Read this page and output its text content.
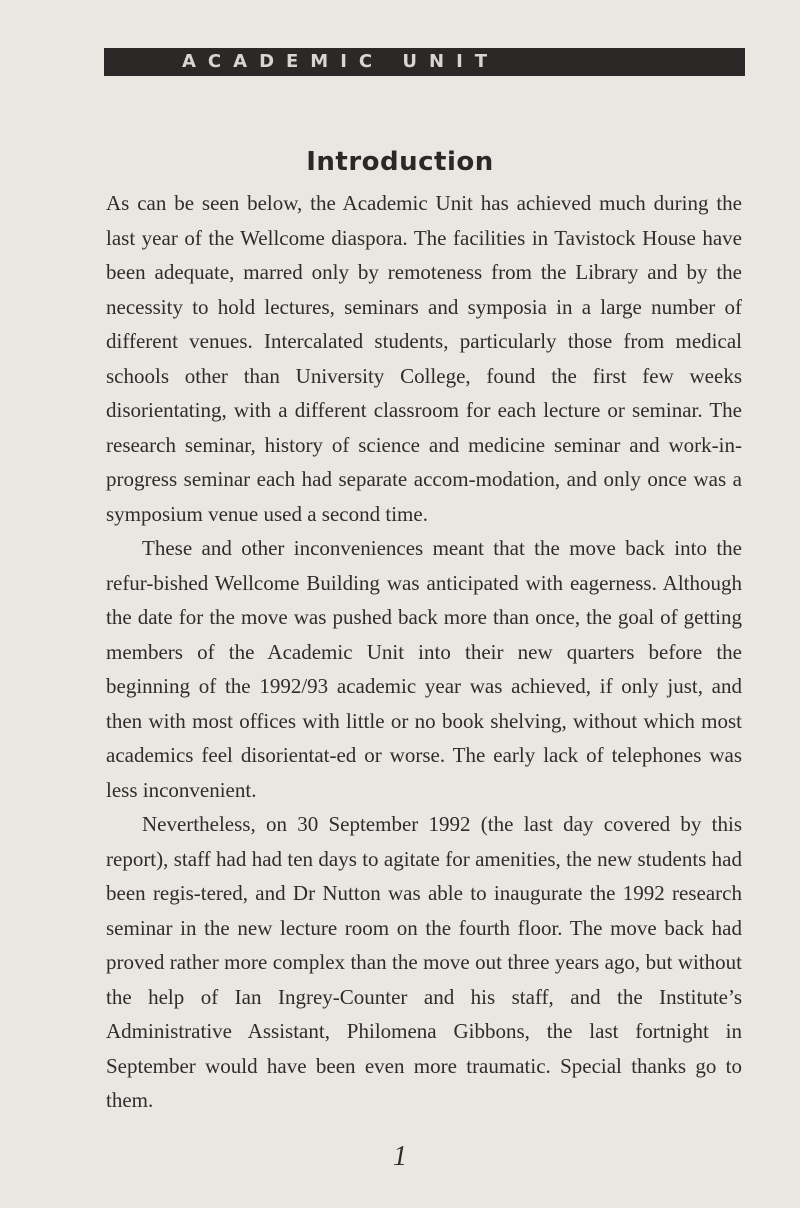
ACADEMIC UNIT
Introduction

As can be seen below, the Academic Unit has achieved much during the last year of the Wellcome diaspora. The facilities in Tavistock House have been adequate, marred only by remoteness from the Library and by the necessity to hold lectures, seminars and symposia in a large number of different venues. Intercalated students, particularly those from medical schools other than University College, found the first few weeks disorientating, with a different classroom for each lecture or seminar. The research seminar, history of science and medicine seminar and work-in-progress seminar each had separate accom-modation, and only once was a symposium venue used a second time.

These and other inconveniences meant that the move back into the refur-bished Wellcome Building was anticipated with eagerness. Although the date for the move was pushed back more than once, the goal of getting members of the Academic Unit into their new quarters before the beginning of the 1992/93 academic year was achieved, if only just, and then with most offices with little or no book shelving, without which most academics feel disorientat-ed or worse. The early lack of telephones was less inconvenient.

Nevertheless, on 30 September 1992 (the last day covered by this report), staff had had ten days to agitate for amenities, the new students had been regis-tered, and Dr Nutton was able to inaugurate the 1992 research seminar in the new lecture room on the fourth floor. The move back had proved rather more complex than the move out three years ago, but without the help of Ian Ingrey-Counter and his staff, and the Institute’s Administrative Assistant, Philomena Gibbons, the last fortnight in September would have been even more traumatic. Special thanks go to them.

1
